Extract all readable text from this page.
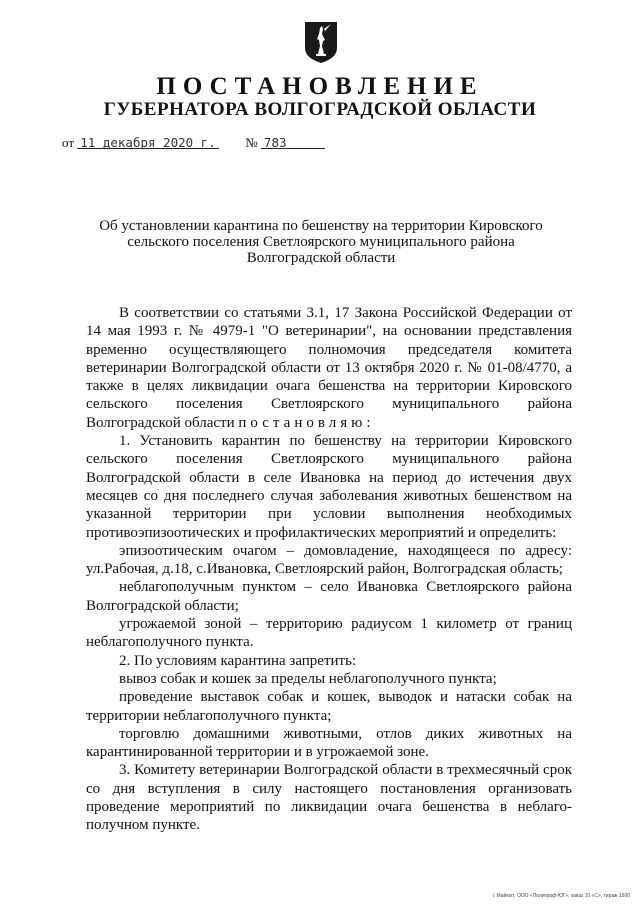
ПОСТАНОВЛЕНИЕ
ГУБЕРНАТОРА ВОЛГОГРАДСКОЙ ОБЛАСТИ
от 11 декабря 2020 г. № 783
Об установлении карантина по бешенству на территории Кировского сельского поселения Светлоярского муниципального района Волгоградской области

В соответствии со статьями 3.1, 17 Закона Российской Федерации от 14 мая 1993 г. № 4979-1 "О ветеринарии", на основании представления временно осуществляющего полномочия председателя комитета ветеринарии Волгоградской области от 13 октября 2020 г. № 01-08/4770, а также в целях ликвидации очага бешенства на территории Кировского сельского поселения Светлоярского муниципального района Волгоградской области постановляю:

1. Установить карантин по бешенству на территории Кировского сельского поселения Светлоярского муниципального района Волгоградской области в селе Ивановка на период до истечения двух месяцев со дня последнего случая заболевания животных бешенством на указанной территории при условии выполнения необходимых противоэпизоотических и профилактических мероприятий и определить:

эпизоотическим очагом – домовладение, находящееся по адресу: ул.Рабочая, д.18, с.Ивановка, Светлоярский район, Волгоградская область;

неблагополучным пунктом – село Ивановка Светлоярского района Волгоградской области;

угрожаемой зоной – территорию радиусом 1 километр от границ неблагополучного пункта.

2. По условиям карантина запретить:

вывоз собак и кошек за пределы неблагополучного пункта;

проведение выставок собак и кошек, выводок и натаски собак на территории неблагополучного пункта;

торговлю домашними животными, отлов диких животных на карантинированной территории и в угрожаемой зоне.

3. Комитету ветеринарии Волгоградской области в трехмесячный срок со дня вступления в силу настоящего постановления организовать проведение мероприятий по ликвидации очага бешенства в неблаго-получном пункте.

г. Майкоп, ООО «Полиграф-ЮГ», заказ 10 «С», тираж 1500
